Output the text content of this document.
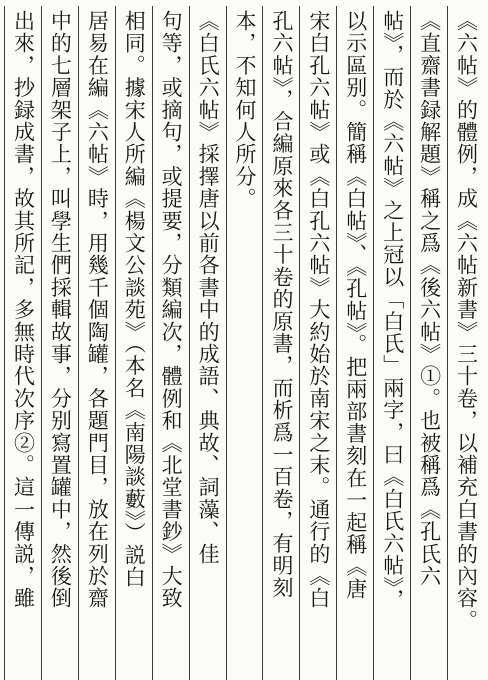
《六帖》的體例，成《六帖新書》三十卷，以補充白書的內容。
《直齋書録解題》稱之爲《後六帖》①。也被稱爲《孔氏六
帖》，而於《六帖》之上冠以「白氏」兩字，曰《白氏六帖》，
以示區别。簡稱《白帖》、《孔帖》。把兩部書刻在一起稱《唐
宋白孔六帖》或《白孔六帖》大約始於南宋之末。通行的《白
孔六帖》，合編原來各三十卷的原書，而析爲一百卷，有明刻
本，不知何人所分。
《白氏六帖》採擇唐以前各書中的成語、典故、詞藻、佳
句等，或摘句，或提要，分類編次，體例和《北堂書鈔》大致
相同。據宋人所編《楊文公談苑》（本名《南陽談藪》）説白
居易在編《六帖》時，用幾千個陶罐，各題門目，放在列於齋
中的七層架子上，叫學生們採輯故事，分别寫置罐中，然後倒
出來，抄録成書，故其所記，多無時代次序②。這一傳説，雖
